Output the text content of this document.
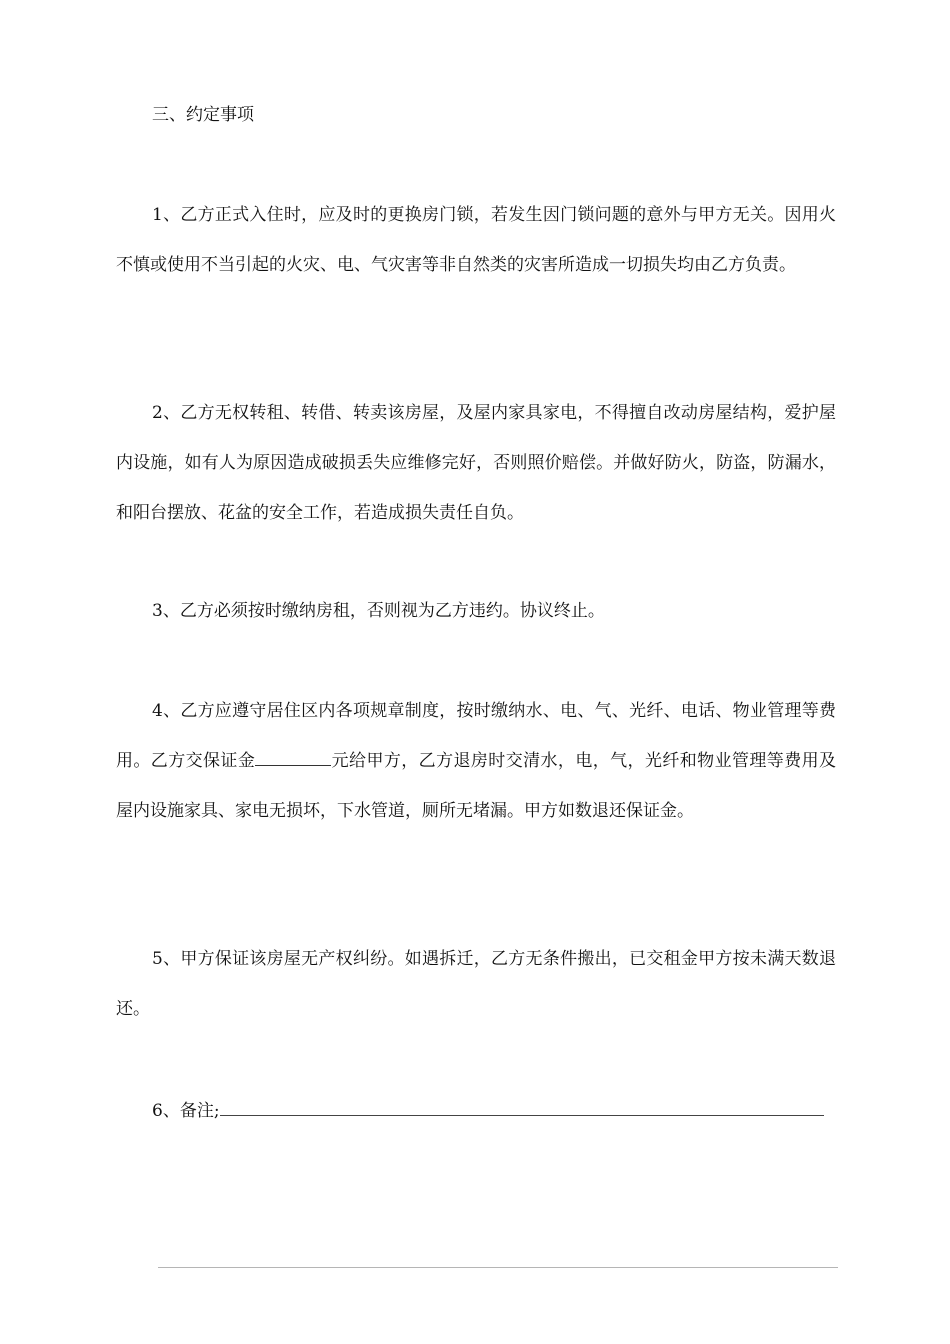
三、约定事项

1、乙方正式入住时，应及时的更换房门锁，若发生因门锁问题的意外与甲方无关。因用火不慎或使用不当引起的火灾、电、气灾害等非自然类的灾害所造成一切损失均由乙方负责。

2、乙方无权转租、转借、转卖该房屋，及屋内家具家电，不得擅自改动房屋结构，爱护屋内设施，如有人为原因造成破损丢失应维修完好，否则照价赔偿。并做好防火，防盗，防漏水，和阳台摆放、花盆的安全工作，若造成损失责任自负。

3、乙方必须按时缴纳房租，否则视为乙方违约。协议终止。

4、乙方应遵守居住区内各项规章制度，按时缴纳水、电、气、光纤、电话、物业管理等费用。乙方交保证金	元给甲方，乙方退房时交清水，电，气，光纤和物业管理等费用及屋内设施家具、家电无损坏，下水管道，厕所无堵漏。甲方如数退还保证金。

5、甲方保证该房屋无产权纠纷。如遇拆迁，乙方无条件搬出，已交租金甲方按未满天数退还。

6、备注;
